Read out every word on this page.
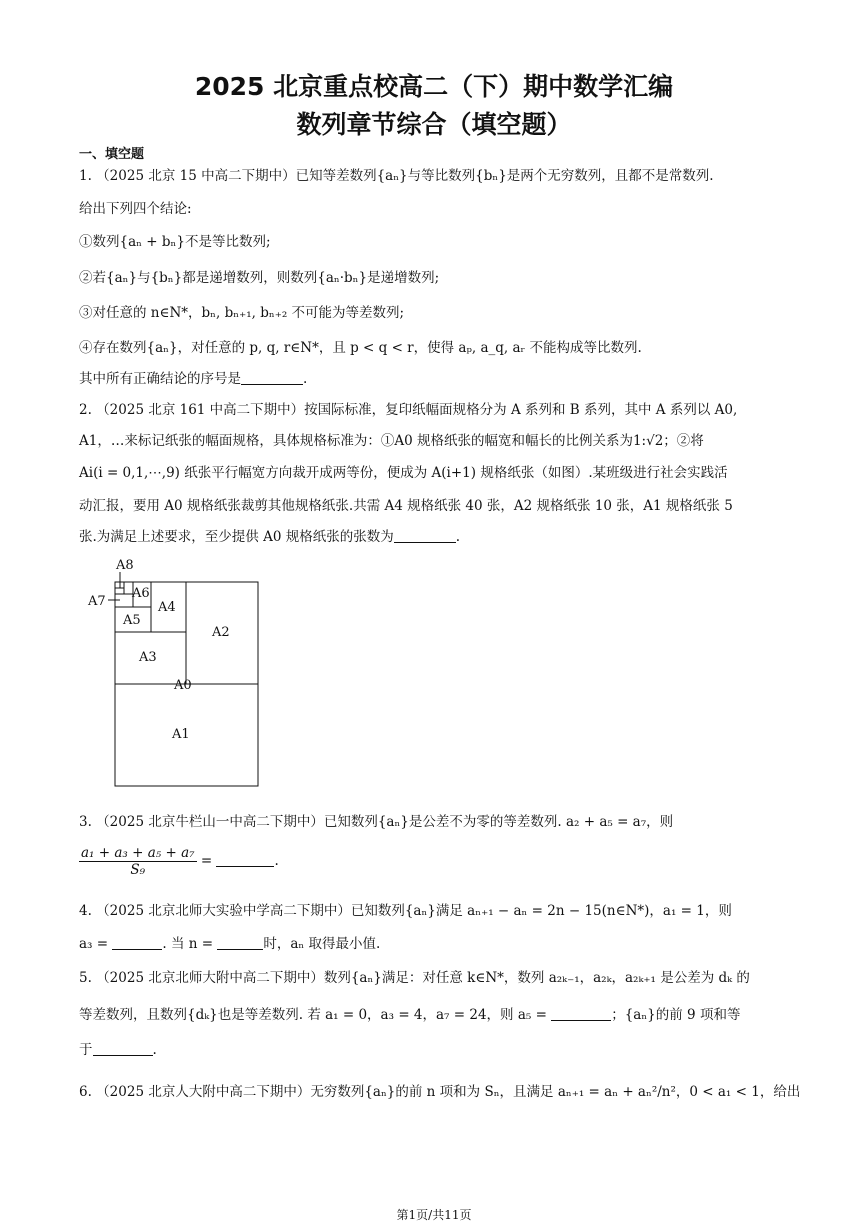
2025 北京重点校高二（下）期中数学汇编
数列章节综合（填空题）
一、填空题
1. （2025 北京 15 中高二下期中）已知等差数列{aₙ}与等比数列{bₙ}是两个无穷数列，且都不是常数列.
给出下列四个结论:
①数列{aₙ + bₙ}不是等比数列;
②若{aₙ}与{bₙ}都是递增数列，则数列{aₙ·bₙ}是递增数列;
③对任意的 n∈N*，bₙ, bₙ₊₁, bₙ₊₂ 不可能为等差数列;
④存在数列{aₙ}，对任意的 p, q, r∈N*，且 p < q < r，使得 aₚ, a_q, aᵣ 不能构成等比数列.
其中所有正确结论的序号是	.
2. （2025 北京 161 中高二下期中）按国际标准，复印纸幅面规格分为 A 系列和 B 系列，其中 A 系列以 A0,
A1，…来标记纸张的幅面规格，具体规格标准为：①A0 规格纸张的幅宽和幅长的比例关系为1:√2；②将
Ai(i = 0,1,⋯,9) 纸张平行幅宽方向裁开成两等份，便成为 A(i+1) 规格纸张（如图）.某班级进行社会实践活
动汇报，要用 A0 规格纸张裁剪其他规格纸张.共需 A4 规格纸张 40 张，A2 规格纸张 10 张，A1 规格纸张 5
张.为满足上述要求，至少提供 A0 规格纸张的张数为	.
A8
A7
A6
A5
A4
A3
A2
A0
A1
3. （2025 北京牛栏山一中高二下期中）已知数列{aₙ}是公差不为零的等差数列. a₂ + a₅ = a₇，则
$\frac{\text{a₁ + a₃ + a₅ + a₇}}{\text{S₉}}$ =	.
4. （2025 北京北师大实验中学高二下期中）已知数列{aₙ}满足 aₙ₊₁ − aₙ = 2n − 15(n∈N*)，a₁ = 1，则
a₃ =	. 当 n =	时，aₙ 取得最小值.
5. （2025 北京北师大附中高二下期中）数列{aₙ}满足：对任意 k∈N*，数列 a₂ₖ₋₁，a₂ₖ，a₂ₖ₊₁ 是公差为 dₖ 的
等差数列，且数列{dₖ}也是等差数列. 若 a₁ = 0，a₃ = 4，a₇ = 24，则 a₅ =	；{aₙ}的前 9 项和等
于	.
6. （2025 北京人大附中高二下期中）无穷数列{aₙ}的前 n 项和为 Sₙ，且满足 aₙ₊₁ = aₙ + aₙ²/n²，0 < a₁ < 1，给出
第1页/共11页
